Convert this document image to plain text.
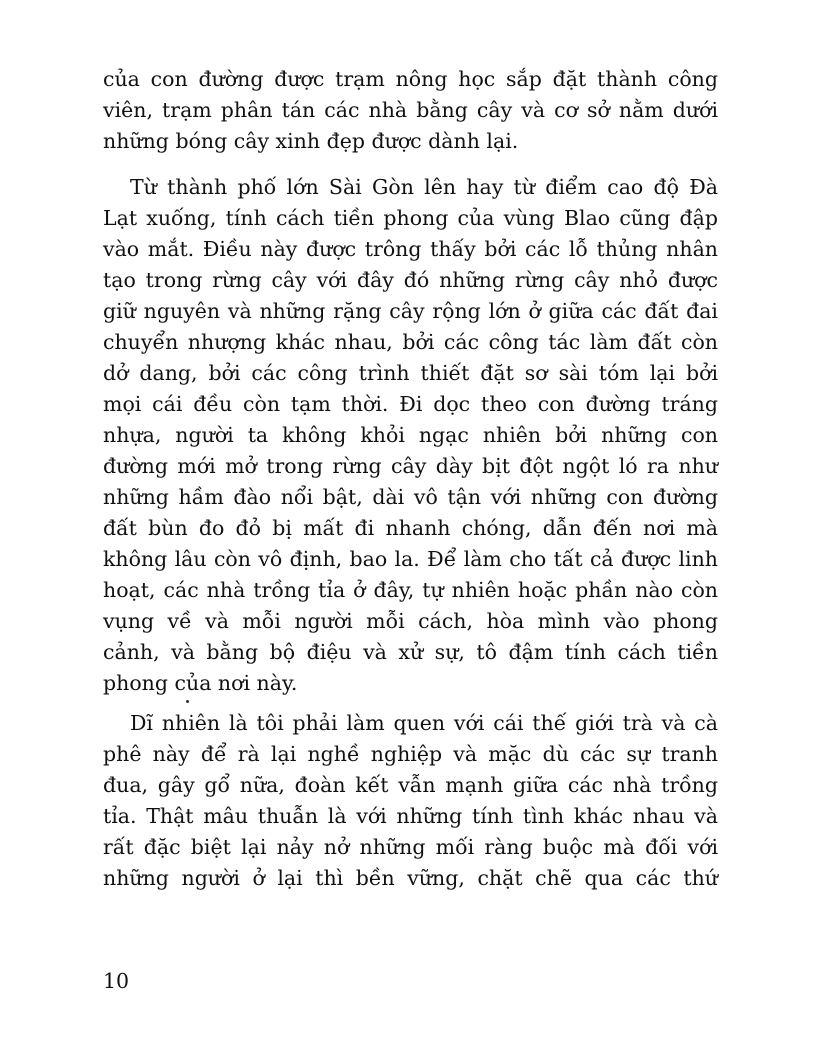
của con đường được trạm nông học sắp đặt thành công
viên, trạm phân tán các nhà bằng cây và cơ sở nằm dưới
những bóng cây xinh đẹp được dành lại.
Từ thành phố lớn Sài Gòn lên hay từ điểm cao độ Đà
Lạt xuống, tính cách tiền phong của vùng Blao cũng đập
vào mắt. Điều này được trông thấy bởi các lỗ thủng nhân
tạo trong rừng cây với đây đó những rừng cây nhỏ được
giữ nguyên và những rặng cây rộng lớn ở giữa các đất đai
chuyển nhượng khác nhau, bởi các công tác làm đất còn
dở dang, bởi các công trình thiết đặt sơ sài tóm lại bởi
mọi cái đều còn tạm thời. Đi dọc theo con đường tráng
nhựa, người ta không khỏi ngạc nhiên bởi những con
đường mới mở trong rừng cây dày bịt đột ngột ló ra như
những hầm đào nổi bật, dài vô tận với những con đường
đất bùn đo đỏ bị mất đi nhanh chóng, dẫn đến nơi mà
không lâu còn vô định, bao la. Để làm cho tất cả được linh
hoạt, các nhà trồng tỉa ở đây, tự nhiên hoặc phần nào còn
vụng về và mỗi người mỗi cách, hòa mình vào phong
cảnh, và bằng bộ điệu và xử sự, tô đậm tính cách tiền
phong của nơi này.
Dĩ nhiên là tôi phải làm quen với cái thế giới trà và cà
phê này để rà lại nghề nghiệp và mặc dù các sự tranh
đua, gây gổ nữa, đoàn kết vẫn mạnh giữa các nhà trồng
tỉa. Thật mâu thuẫn là với những tính tình khác nhau và
rất đặc biệt lại nảy nở những mối ràng buộc mà đối với
những người ở lại thì bền vững, chặt chẽ qua các thứ
10
